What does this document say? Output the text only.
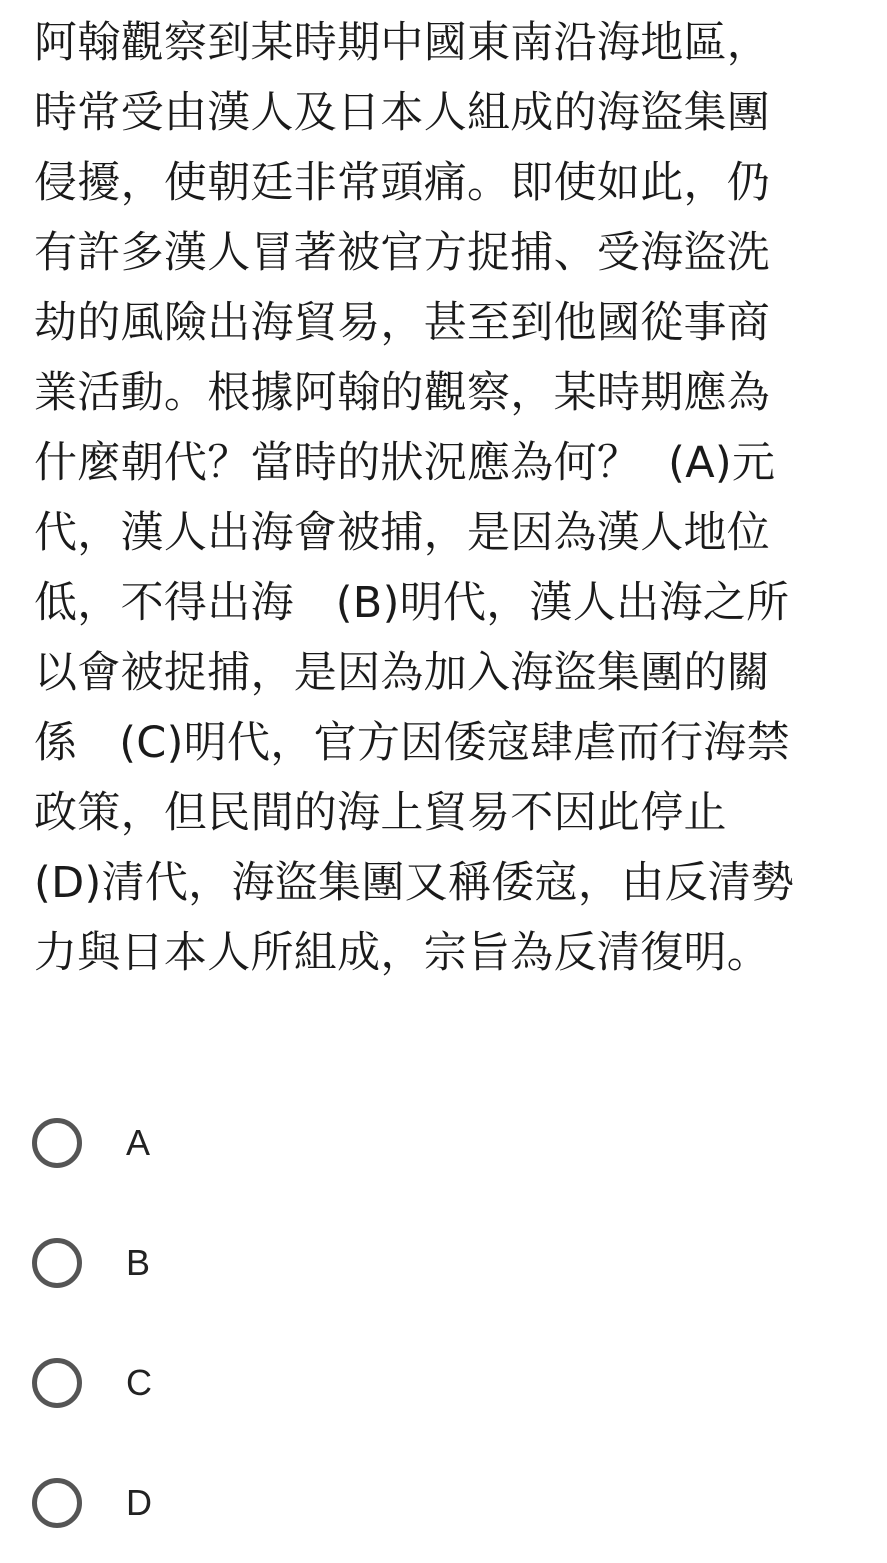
阿翰觀察到某時期中國東南沿海地區，
時常受由漢人及日本人組成的海盜集團
侵擾，使朝廷非常頭痛。即使如此，仍
有許多漢人冒著被官方捉捕、受海盜洗
劫的風險出海貿易，甚至到他國從事商
業活動。根據阿翰的觀察，某時期應為
什麼朝代？當時的狀況應為何？  (A)元
代，漢人出海會被捕，是因為漢人地位
低，不得出海   (B)明代，漢人出海之所
以會被捉捕，是因為加入海盜集團的關
係   (C)明代，官方因倭寇肆虐而行海禁
政策，但民間的海上貿易不因此停止
(D)清代，海盜集團又稱倭寇，由反清勢
力與日本人所組成，宗旨為反清復明。
A
B
C
D
